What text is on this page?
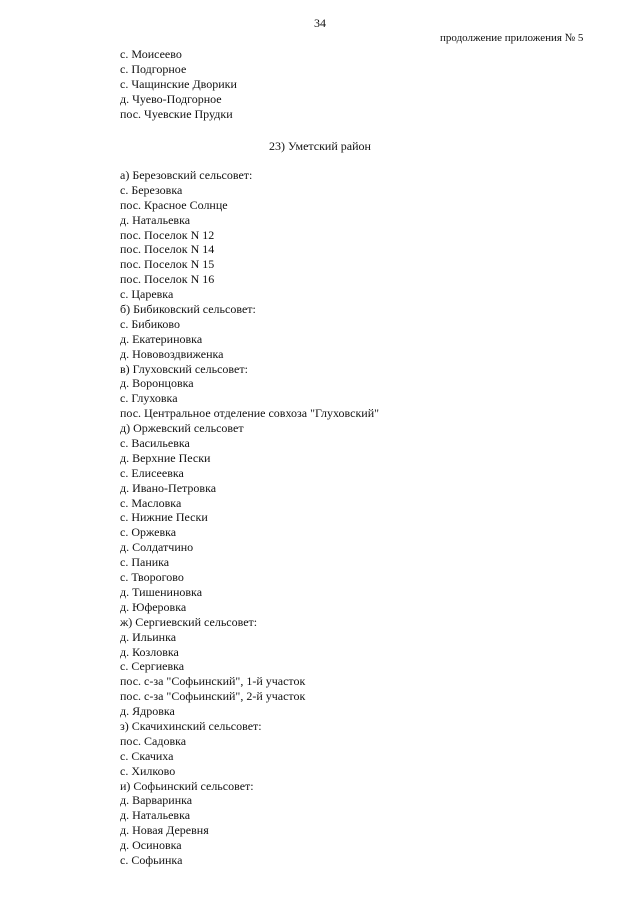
34
продолжение приложения № 5
с. Моисеево
с. Подгорное
с. Чащинские Дворики
д. Чуево-Подгорное
пос. Чуевские Прудки
23) Уметский район
а) Березовский сельсовет:
с. Березовка
пос. Красное Солнце
д. Натальевка
пос. Поселок N 12
пос. Поселок N 14
пос. Поселок N 15
пос. Поселок N 16
с. Царевка
б) Бибиковский сельсовет:
с. Бибиково
д. Екатериновка
д. Нововоздвиженка
в) Глуховский сельсовет:
д. Воронцовка
с. Глуховка
пос. Центральное отделение совхоза "Глуховский"
д) Оржевский сельсовет
с. Васильевка
д. Верхние Пески
с. Елисеевка
д. Ивано-Петровка
с. Масловка
с. Нижние Пески
с. Оржевка
д. Солдатчино
с. Паника
с. Творогово
д. Тишениновка
д. Юферовка
ж) Сергиевский сельсовет:
д. Ильинка
д. Козловка
с. Сергиевка
пос. с-за "Софьинский", 1-й участок
пос. с-за "Софьинский", 2-й участок
д. Ядровка
з) Скачихинский сельсовет:
пос. Садовка
с. Скачиха
с. Хилково
и) Софьинский сельсовет:
д. Варваринка
д. Натальевка
д. Новая Деревня
д. Осиновка
с. Софьинка
